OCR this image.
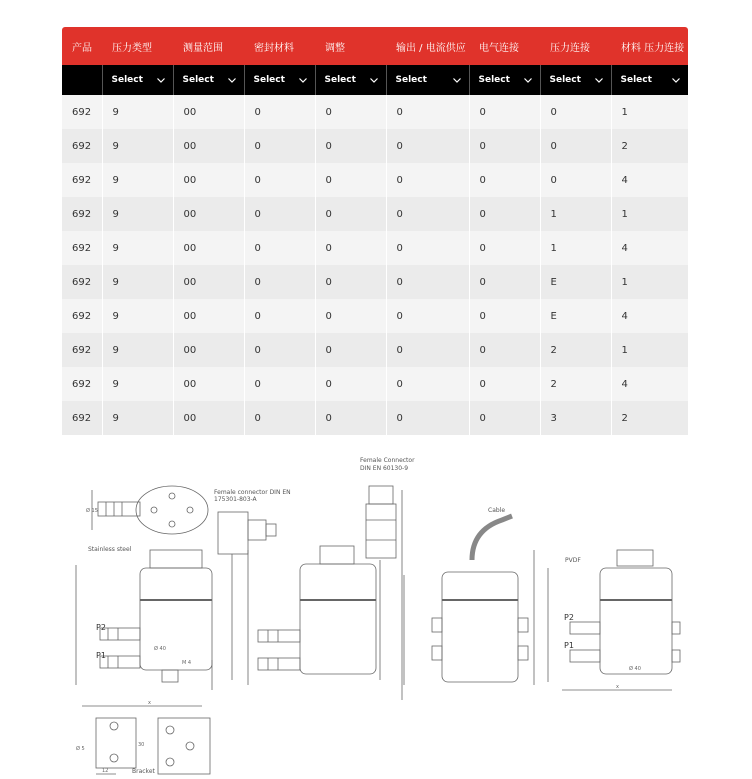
产品	压力类型	测量范围	密封材料	调整	输出 / 电流供应	电气连接	压力连接	材料 压力连接

	Select	Select	Select	Select	Select	Select	Select	Select

692	9	00	0	0	0	0	0	1
692	9	00	0	0	0	0	0	2
692	9	00	0	0	0	0	0	4
692	9	00	0	0	0	0	1	1
692	9	00	0	0	0	0	1	4
692	9	00	0	0	0	0	E	1
692	9	00	0	0	0	0	E	4
692	9	00	0	0	0	0	2	1
692	9	00	0	0	0	0	2	4
692	9	00	0	0	0	0	3	2
Female Connector
DIN EN 60130-9
Female connector DIN EN
175301-803-A
Stainless steel
Cable
PVDF
P2
P1
P2
P1
Bracket
Ø 15
Ø 40
Ø 40
Ø 5
30
12
M 4
x
x
